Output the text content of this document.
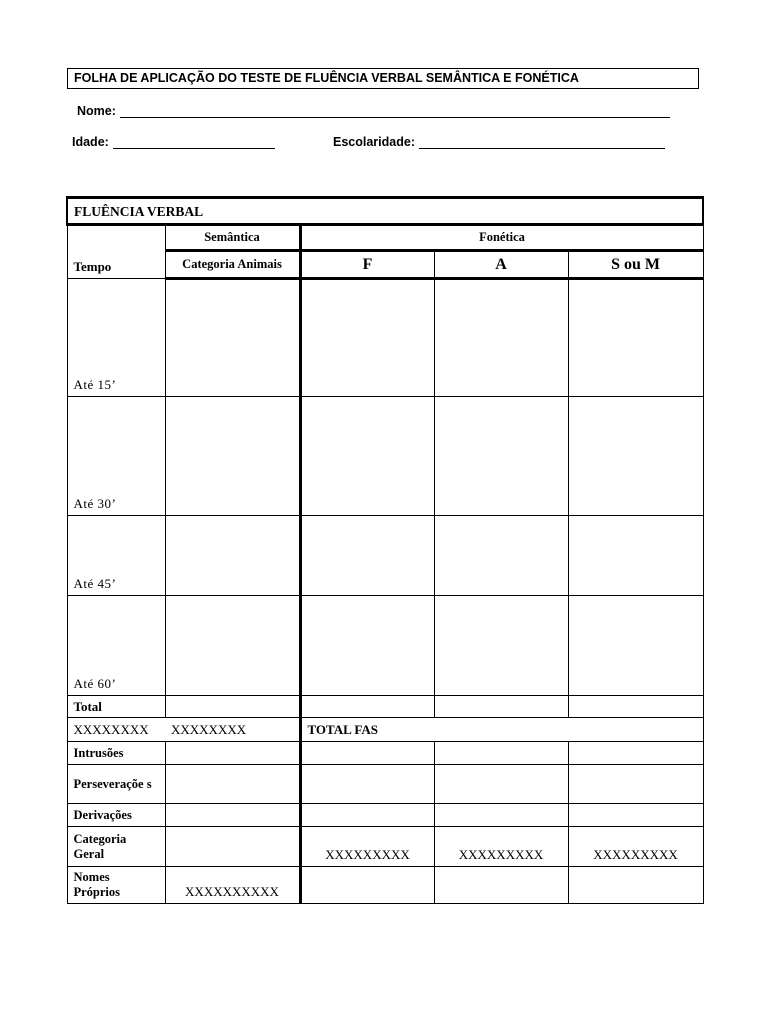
FOLHA DE APLICAÇÃO DO TESTE DE FLUÊNCIA VERBAL SEMÂNTICA E FONÉTICA
Nome:
Idade:	Escolaridade:
FLUÊNCIA VERBAL				
Tempo	Semântica	Fonética		
	Categoria Animais	F	A	S ou M
Até 15’				
Até 30’				
Até 45’				
Até 60’				
Total				
XXXXXXXX	XXXXXXXX	TOTAL FAS		
Intrusões				
Perseveraçõe s				
Derivações				
Categoria Geral		XXXXXXXXX	XXXXXXXXX	XXXXXXXXX
Nomes Próprios	XXXXXXXXXX			
